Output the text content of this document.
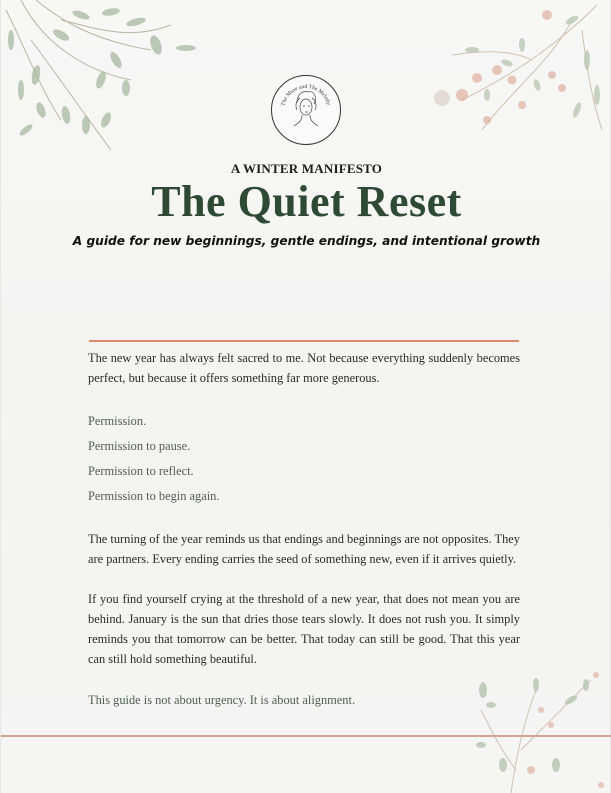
The Muse and The Melody
A WINTER MANIFESTO
The Quiet Reset
A guide for new beginnings, gentle endings, and intentional growth
The new year has always felt sacred to me. Not because everything suddenly becomes perfect, but because it offers something far more generous.
Permission.
Permission to pause.
Permission to reflect.
Permission to begin again.
The turning of the year reminds us that endings and beginnings are not opposites. They are partners. Every ending carries the seed of something new, even if it arrives quietly.
If you find yourself crying at the threshold of a new year, that does not mean you are behind. January is the sun that dries those tears slowly. It does not rush you. It simply reminds you that tomorrow can be better. That today can still be good. That this year can still hold something beautiful.
This guide is not about urgency. It is about alignment.
